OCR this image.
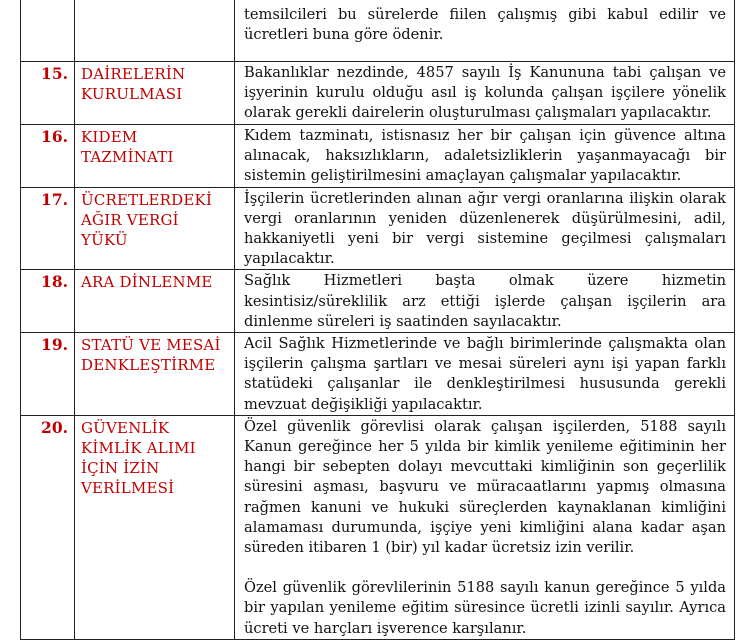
		temsilcileri bu sürelerde fiilen çalışmış gibi kabul edilir ve ücretleri buna göre ödenir.

15.	DAİRELERİN KURULMASI	Bakanlıklar nezdinde, 4857 sayılı İş Kanununa tabi çalışan ve işyerinin kurulu olduğu asıl iş kolunda çalışan işçilere yönelik olarak gerekli dairelerin oluşturulması çalışmaları yapılacaktır.

16.	KIDEM TAZMİNATI	Kıdem tazminatı, istisnasız her bir çalışan için güvence altına alınacak, haksızlıkların, adaletsizliklerin yaşanmayacağı bir sistemin geliştirilmesini amaçlayan çalışmalar yapılacaktır.

17.	ÜCRETLERDEKİ AĞIR VERGİ YÜKÜ	İşçilerin ücretlerinden alınan ağır vergi oranlarına ilişkin olarak vergi oranlarının yeniden düzenlenerek düşürülmesini, adil, hakkaniyetli yeni bir vergi sistemine geçilmesi çalışmaları yapılacaktır.

18.	ARA DİNLENME	Sağlık Hizmetleri başta olmak üzere hizmetin kesintisiz/süreklilik arz ettiği işlerde çalışan işçilerin ara dinlenme süreleri iş saatinden sayılacaktır.

19.	STATÜ VE MESAİ DENKLEŞTİRME	Acil Sağlık Hizmetlerinde ve bağlı birimlerinde çalışmakta olan işçilerin çalışma şartları ve mesai süreleri aynı işi yapan farklı statüdeki çalışanlar ile denkleştirilmesi hususunda gerekli mevzuat değişikliği yapılacaktır.

20.	GÜVENLİK KİMLİK ALIMI İÇİN İZİN VERİLMESİ	Özel güvenlik görevlisi olarak çalışan işçilerden, 5188 sayılı Kanun gereğince her 5 yılda bir kimlik yenileme eğitiminin her hangi bir sebepten dolayı mevcuttaki kimliğinin son geçerlilik süresini aşması, başvuru ve müracaatlarını yapmış olmasına rağmen kanuni ve hukuki süreçlerden kaynaklanan kimliğini alamaması durumunda, işçiye yeni kimliğini alana kadar aşan süreden itibaren 1 (bir) yıl kadar ücretsiz izin verilir.

Özel güvenlik görevlilerinin 5188 sayılı kanun gereğince 5 yılda bir yapılan yenileme eğitim süresince ücretli izinli sayılır. Ayrıca ücreti ve harçları işverence karşılanır.
